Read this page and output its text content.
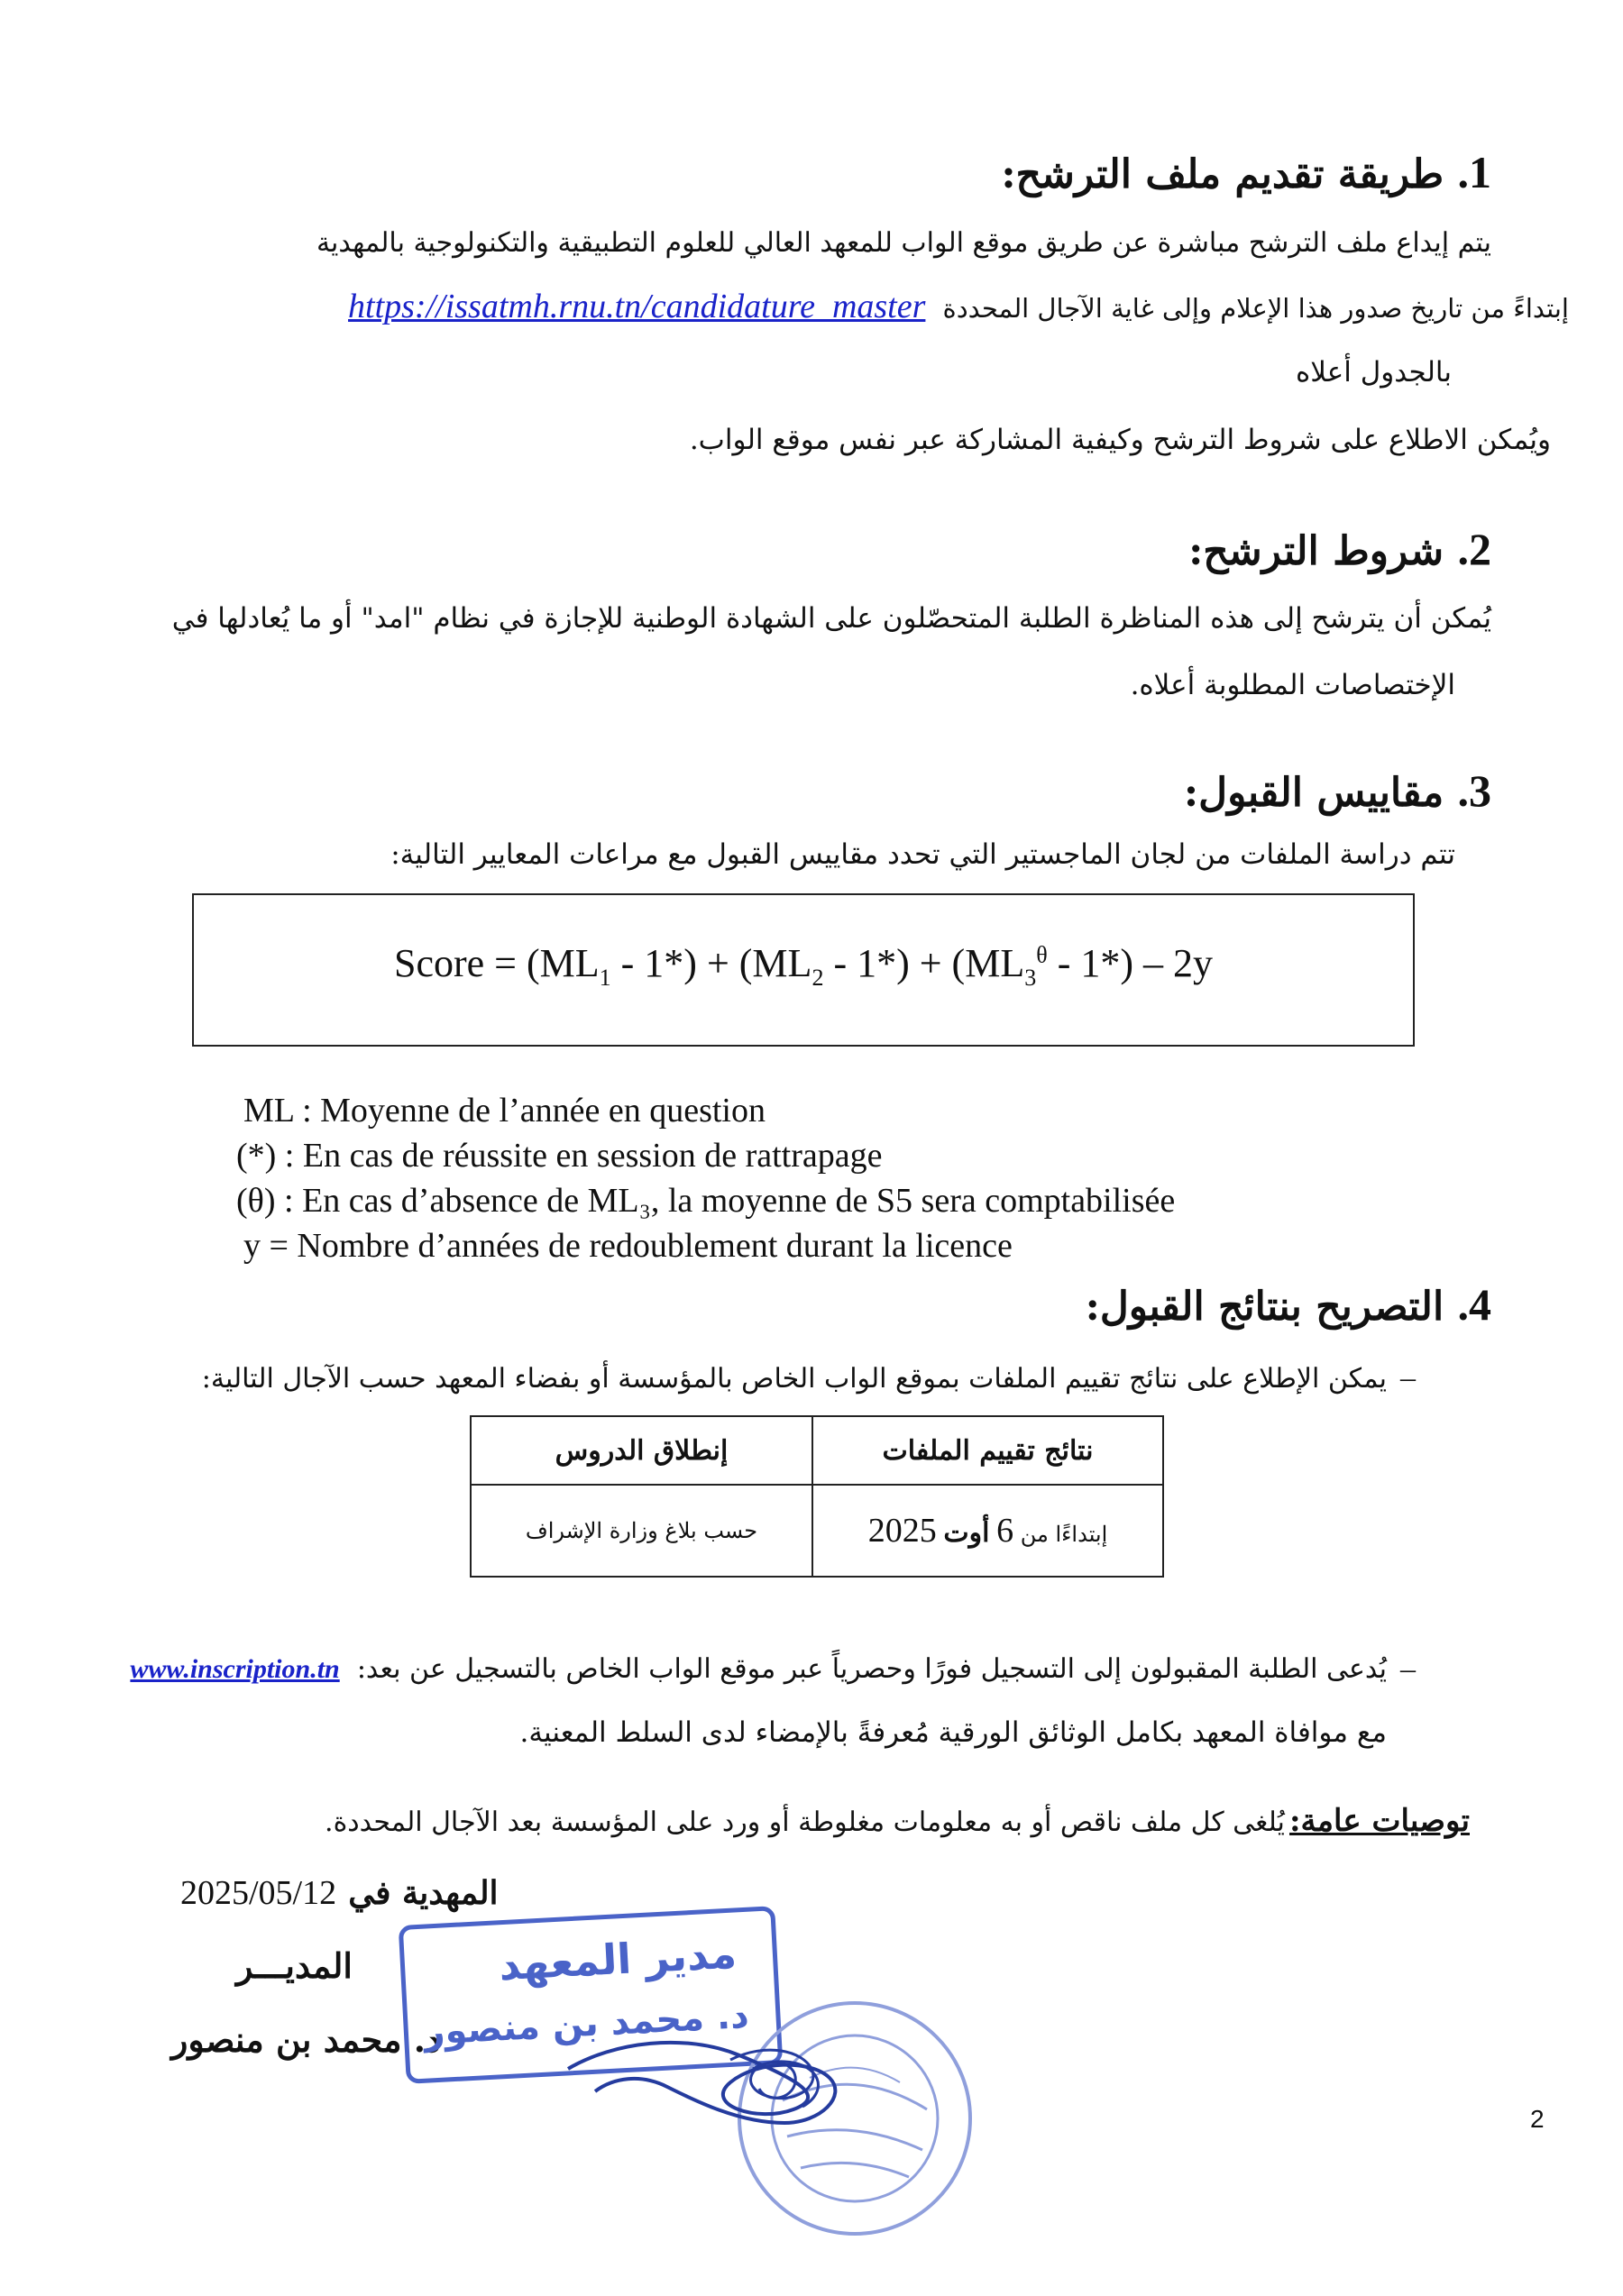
1. طريقة تقديم ملف الترشح:
يتم إيداع ملف الترشح مباشرة عن طريق موقع الواب للمعهد العالي للعلوم التطبيقية والتكنولوجية بالمهدية
إبتداءً من تاريخ صدور هذا الإعلام وإلى غاية الآجال المحددة https://issatmh.rnu.tn/candidature_master
بالجدول أعلاه
ويُمكن الاطلاع على شروط الترشح وكيفية المشاركة عبر نفس موقع الواب.
2. شروط الترشح:
يُمكن أن يترشح إلى هذه المناظرة الطلبة المتحصّلون على الشهادة الوطنية للإجازة في نظام "امد" أو ما يُعادلها في
الإختصاصات المطلوبة أعلاه.
3. مقاييس القبول:
تتم دراسة الملفات من لجان الماجستير التي تحدد مقاييس القبول مع مراعات المعايير التالية:
Score = $(ML_1 - 1*) + (ML_2 - 1*) + (ML_3^\theta - 1*) - 2y$
ML : Moyenne de l’année en question
(*) : En cas de réussite en session de rattrapage
(θ) : En cas d’absence de ML₃, la moyenne de S5 sera comptabilisée
y = Nombre d’années de redoublement durant la licence
4. التصريح بنتائج القبول:
–
يمكن الإطلاع على نتائج تقييم الملفات بموقع الواب الخاص بالمؤسسة أو بفضاء المعهد حسب الآجال التالية:
نتائج تقييم الملفات	إنطلاق الدروس
إبتداءًا من 6 أوت 2025	حسب بلاغ وزارة الإشراف
–
يُدعى الطلبة المقبولون إلى التسجيل فورًا وحصرياً عبر موقع الواب الخاص بالتسجيل عن بعد: www.inscription.tn
مع موافاة المعهد بكامل الوثائق الورقية مُعرفةً بالإمضاء لدى السلط المعنية.
توصيات عامة: يُلغى كل ملف ناقص أو به معلومات مغلوطة أو ورد على المؤسسة بعد الآجال المحددة.
2025/05/12 المهدية في
المديـــر
د. محمد بن منصور
مدير المعهد
د. محمد بن منصور
2
